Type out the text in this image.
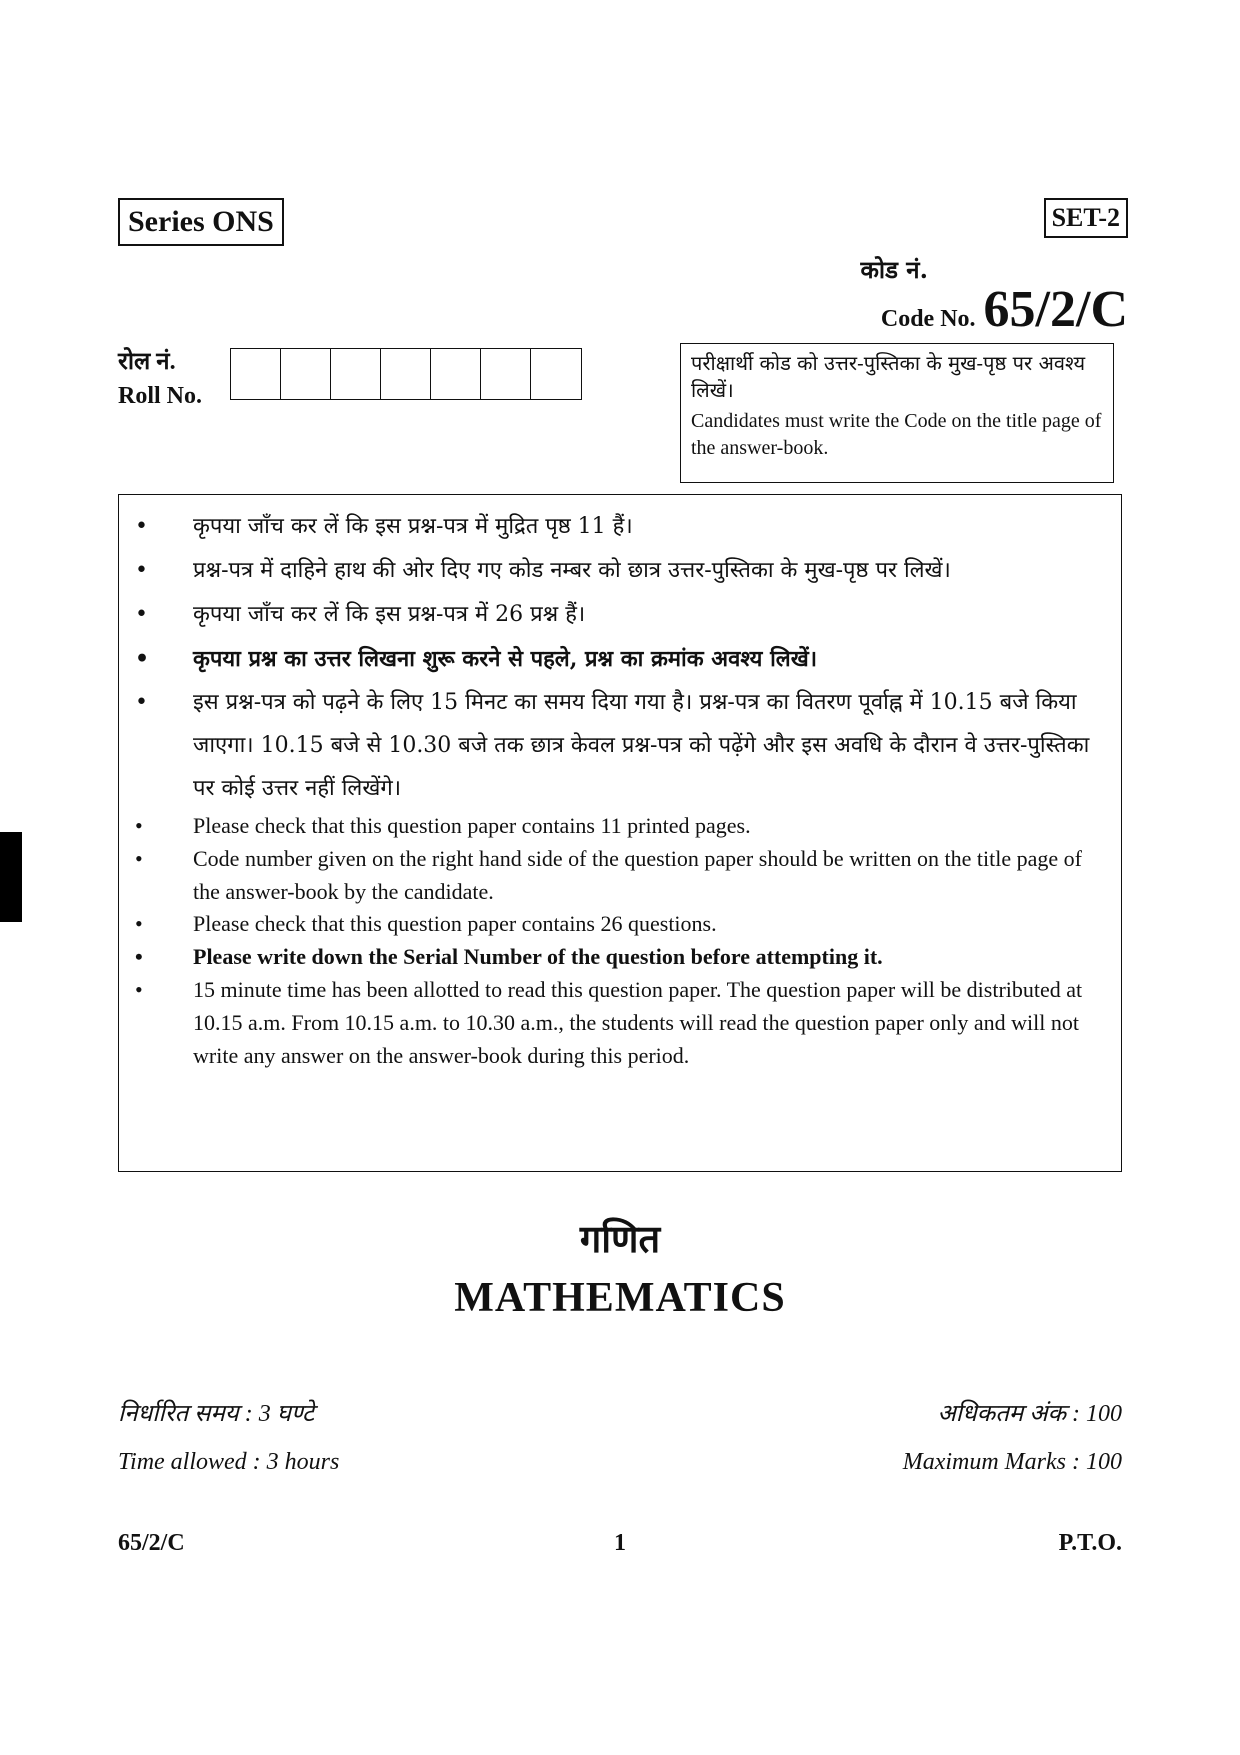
Series ONS	SET-2
कोड नं.
Code No. 65/2/C
रोल नं.
Roll No.
परीक्षार्थी कोड को उत्तर-पुस्तिका के मुख-पृष्ठ पर अवश्य लिखें।
Candidates must write the Code on the title page of the answer-book.
• कृपया जाँच कर लें कि इस प्रश्न-पत्र में मुद्रित पृष्ठ 11 हैं।
• प्रश्न-पत्र में दाहिने हाथ की ओर दिए गए कोड नम्बर को छात्र उत्तर-पुस्तिका के मुख-पृष्ठ पर लिखें।
• कृपया जाँच कर लें कि इस प्रश्न-पत्र में 26 प्रश्न हैं।
• कृपया प्रश्न का उत्तर लिखना शुरू करने से पहले, प्रश्न का क्रमांक अवश्य लिखें।
• इस प्रश्न-पत्र को पढ़ने के लिए 15 मिनट का समय दिया गया है। प्रश्न-पत्र का वितरण पूर्वाह्न में 10.15 बजे किया जाएगा। 10.15 बजे से 10.30 बजे तक छात्र केवल प्रश्न-पत्र को पढ़ेंगे और इस अवधि के दौरान वे उत्तर-पुस्तिका पर कोई उत्तर नहीं लिखेंगे।
• Please check that this question paper contains 11 printed pages.
• Code number given on the right hand side of the question paper should be written on the title page of the answer-book by the candidate.
• Please check that this question paper contains 26 questions.
• Please write down the Serial Number of the question before attempting it.
• 15 minute time has been allotted to read this question paper. The question paper will be distributed at 10.15 a.m. From 10.15 a.m. to 10.30 a.m., the students will read the question paper only and will not write any answer on the answer-book during this period.
गणित
MATHEMATICS
निर्धारित समय : 3 घण्टे
Time allowed : 3 hours
अधिकतम अंक : 100
Maximum Marks : 100
65/2/C	1	P.T.O.
